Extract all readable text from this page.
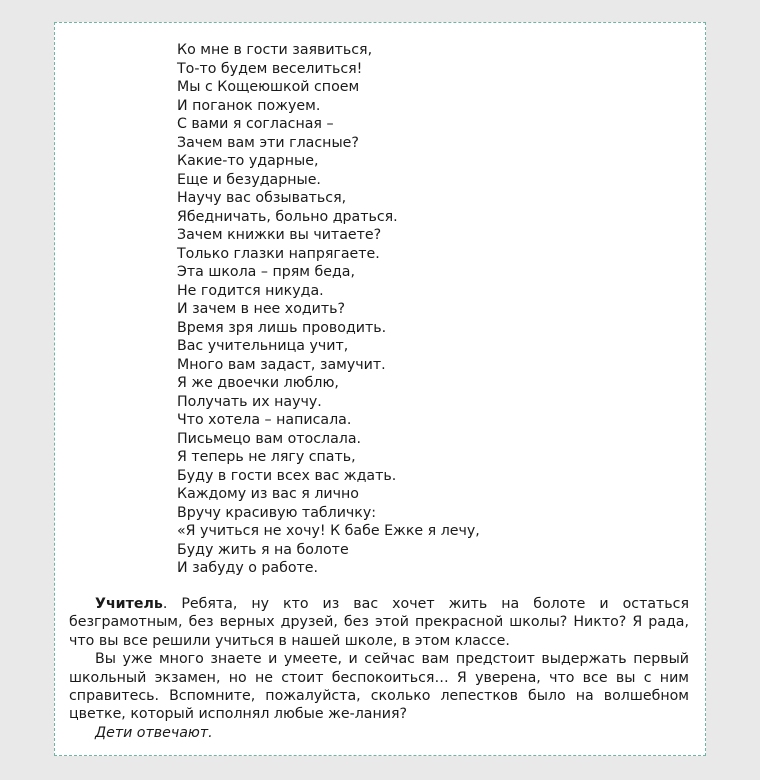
Ко мне в гости заявиться,
То-то будем веселиться!
Мы с Кощеюшкой споем
И поганок пожуем.
С вами я согласная –
Зачем вам эти гласные?
Какие-то ударные,
Еще и безударные.
Научу вас обзываться,
Ябедничать, больно драться.
Зачем книжки вы читаете?
Только глазки напрягаете.
Эта школа – прям беда,
Не годится никуда.
И зачем в нее ходить?
Время зря лишь проводить.
Вас учительница учит,
Много вам задаст, замучит.
Я же двоечки люблю,
Получать их научу.
Что хотела – написала.
Письмецо вам отослала.
Я теперь не лягу спать,
Буду в гости всех вас ждать.
Каждому из вас я лично
Вручу красивую табличку:
«Я учиться не хочу! К бабе Ежке я лечу,
Буду жить я на болоте
И забуду о работе.

Учитель. Ребята, ну кто из вас хочет жить на болоте и остаться безграмотным, без верных друзей, без этой прекрасной школы? Никто? Я рада, что вы все решили учиться в нашей школе, в этом классе.

Вы уже много знаете и умеете, и сейчас вам предстоит выдержать первый школьный экзамен, но не стоит беспокоиться… Я уверена, что все вы с ним справитесь. Вспомните, пожалуйста, сколько лепестков было на волшебном цветке, который исполнял любые же-лания?

Дети отвечают.
